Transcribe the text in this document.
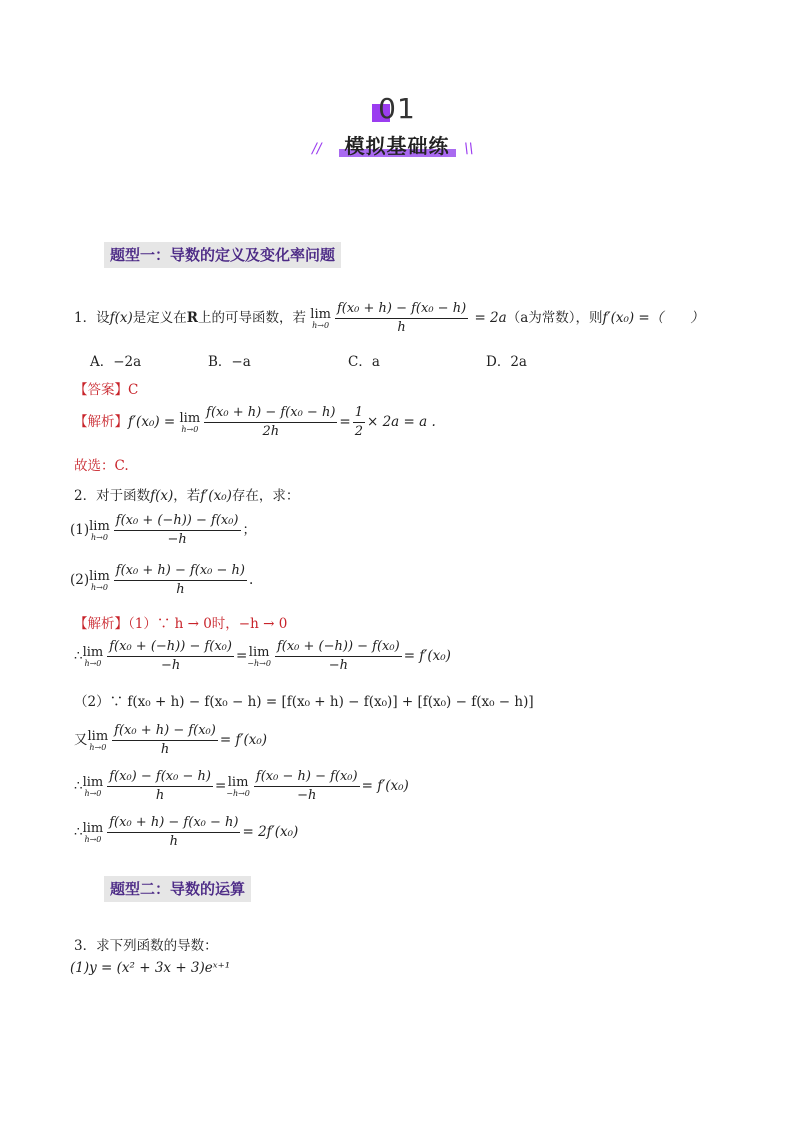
01
//	模拟基础练	\\
题型一：导数的定义及变化率问题
1．设f(x)是定义在R上的可导函数，若 lim
$h\to 0 \frac{\text{f(x₀ + h) − f(x₀ − h)}}{h} = 2a(a$为常数），则f′(x₀) =（　　）
A．−2a	B．−a	C．a	D．2a
【答案】C
【解析】f′(x₀) = lim
$h\to 0 \frac{\text{f(x₀ + h) − f(x₀ − h)}}{2h} = \frac{1}{2} \times 2a = a$ .
故选：C.
2．对于函数f(x)，若f′(x₀)存在，求：
(1) lim
$h\to 0 \frac{\text{f(x₀ + (−h)) − f(x₀)}}{-h}$ ；
(2) lim
$h\to 0 \frac{\text{f(x₀ + h) − f(x₀ − h)}}{h}$ .
【解析】（1）∵ h → 0时，−h → 0
∴ lim
$h\to 0 \frac{\text{f(x₀ + (−h)) − f(x₀)}}{-h} = \lim$
$-h\to 0 \frac{\text{f(x₀ + (−h)) − f(x₀)}}{-h} = f'(x_0)$
（2）∵ f(x₀ + h) − f(x₀ − h) = [f(x₀ + h) − f(x₀)] + [f(x₀) − f(x₀ − h)]
又 lim
$h\to 0 \frac{\text{f(x₀ + h) − f(x₀)}}{h} = f'(x_0)$
∴ lim
$h\to 0 \frac{\text{f(x₀) − f(x₀ − h)}}{h} = \lim$
$-h\to 0 \frac{\text{f(x₀ − h) − f(x₀)}}{-h} = f'(x_0)$
∴ lim
$h\to 0 \frac{\text{f(x₀ + h) − f(x₀ − h)}}{h} = 2f'(x_0)$
题型二：导数的运算
3．求下列函数的导数：
(1)y = (x² + 3x + 3)eˣ⁺¹
